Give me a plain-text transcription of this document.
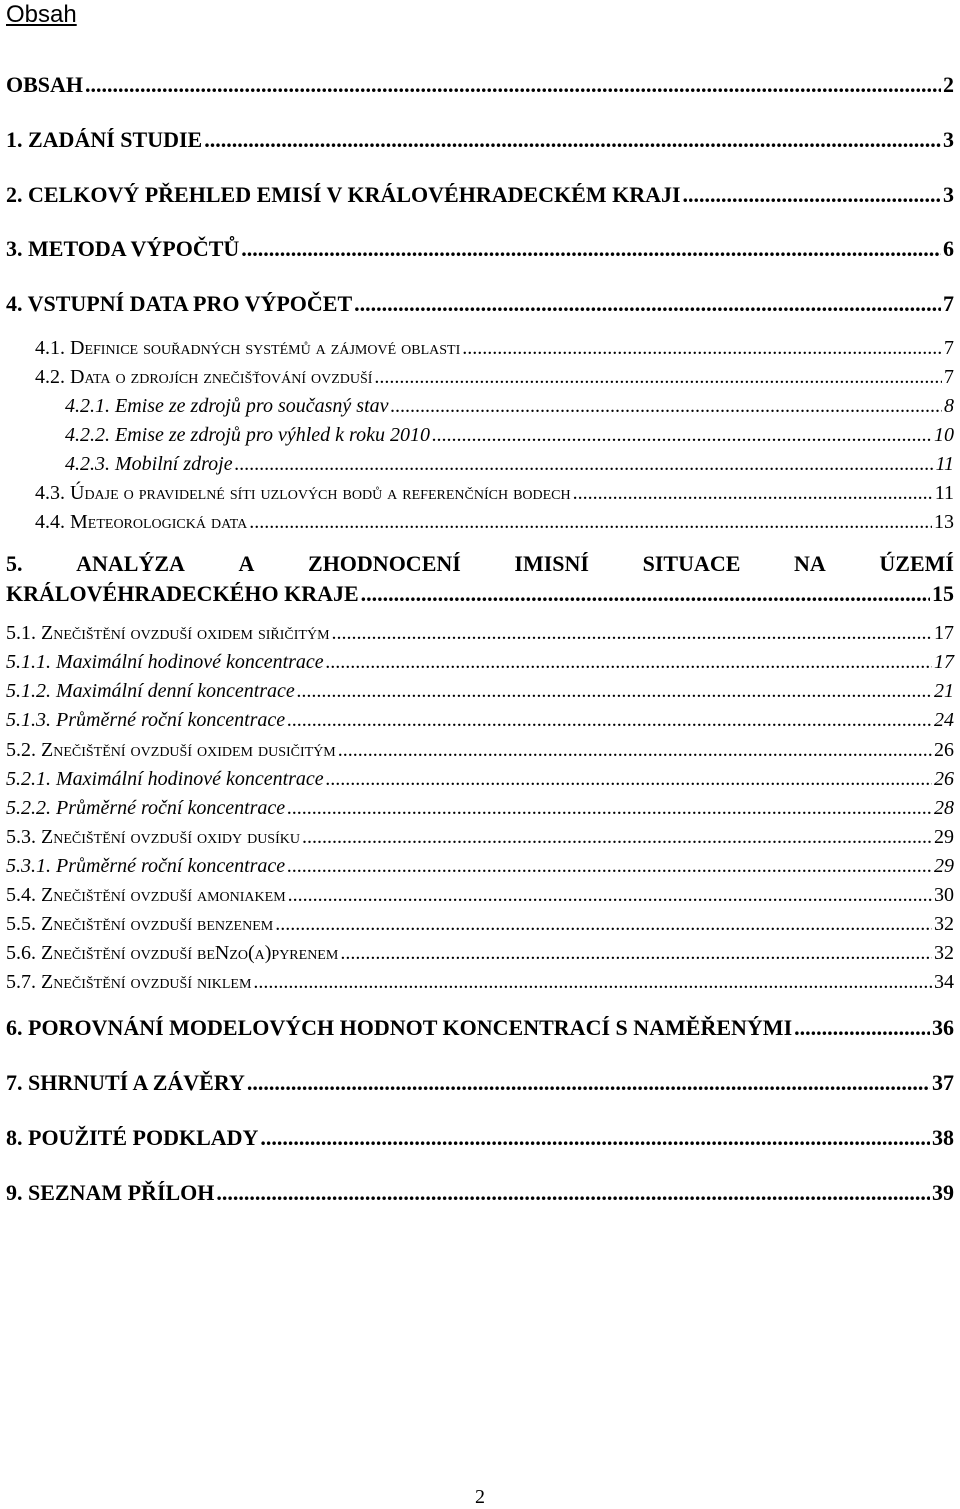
Obsah
OBSAH .....	2
1. ZADÁNÍ STUDIE .....	3
2. CELKOVÝ PŘEHLED EMISÍ V KRÁLOVÉHRADECKÉM KRAJI .....	3
3. METODA VÝPOČTŮ .....	6
4. VSTUPNÍ DATA PRO VÝPOČET .....	7
4.1. Definice souřadných systémů a zájmové oblasti .....	7
4.2. Data o zdrojích znečišťování ovzduší .....	7
4.2.1. Emise ze zdrojů pro současný stav .....	8
4.2.2. Emise ze zdrojů pro výhled k roku 2010 .....	10
4.2.3. Mobilní zdroje .....	11
4.3. Údaje o pravidelné síti uzlových bodů a referenčních bodech .....	11
4.4. Meteorologická data .....	13
5. ANALÝZA A ZHODNOCENÍ IMISNÍ SITUACE NA ÚZEMÍ
KRÁLOVÉHRADECKÉHO KRAJE .....	15
5.1. Znečištění ovzduší oxidem siřičitým .....	17
5.1.1. Maximální hodinové koncentrace .....	17
5.1.2. Maximální denní koncentrace .....	21
5.1.3. Průměrné roční koncentrace .....	24
5.2. Znečištění ovzduší oxidem dusičitým .....	26
5.2.1. Maximální hodinové koncentrace .....	26
5.2.2. Průměrné roční koncentrace .....	28
5.3. Znečištění ovzduší oxidy dusíku .....	29
5.3.1. Průměrné roční koncentrace .....	29
5.4. Znečištění ovzduší amoniakem .....	30
5.5. Znečištění ovzduší benzenem .....	32
5.6. Znečištění ovzduší beNzo(a)pyrenem .....	32
5.7. Znečištění ovzduší niklem .....	34
6. POROVNÁNÍ MODELOVÝCH HODNOT KONCENTRACÍ S NAMĚŘENÝMI .....	36
7. SHRNUTÍ A ZÁVĚRY .....	37
8. POUŽITÉ PODKLADY .....	38
9. SEZNAM PŘÍLOH .....	39
2
